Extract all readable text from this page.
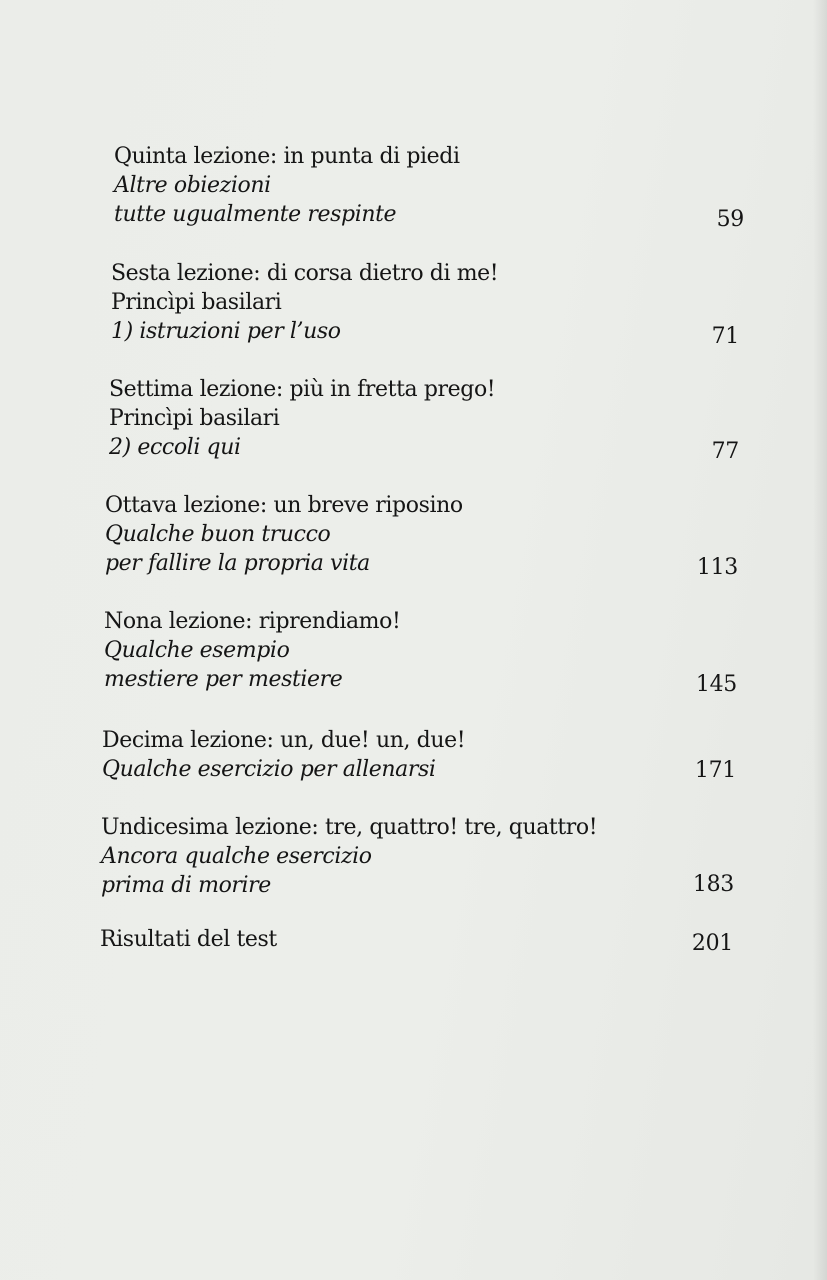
Quinta lezione: in punta di piedi
Altre obiezioni
tutte ugualmente respinte	59
Sesta lezione: di corsa dietro di me!
Princìpi basilari
1) istruzioni per l’uso	71
Settima lezione: più in fretta prego!
Princìpi basilari
2) eccoli qui	77
Ottava lezione: un breve riposino
Qualche buon trucco
per fallire la propria vita	113
Nona lezione: riprendiamo!
Qualche esempio
mestiere per mestiere	145
Decima lezione: un, due! un, due!
Qualche esercizio per allenarsi	171
Undicesima lezione: tre, quattro! tre, quattro!
Ancora qualche esercizio
prima di morire	183
Risultati del test	201
